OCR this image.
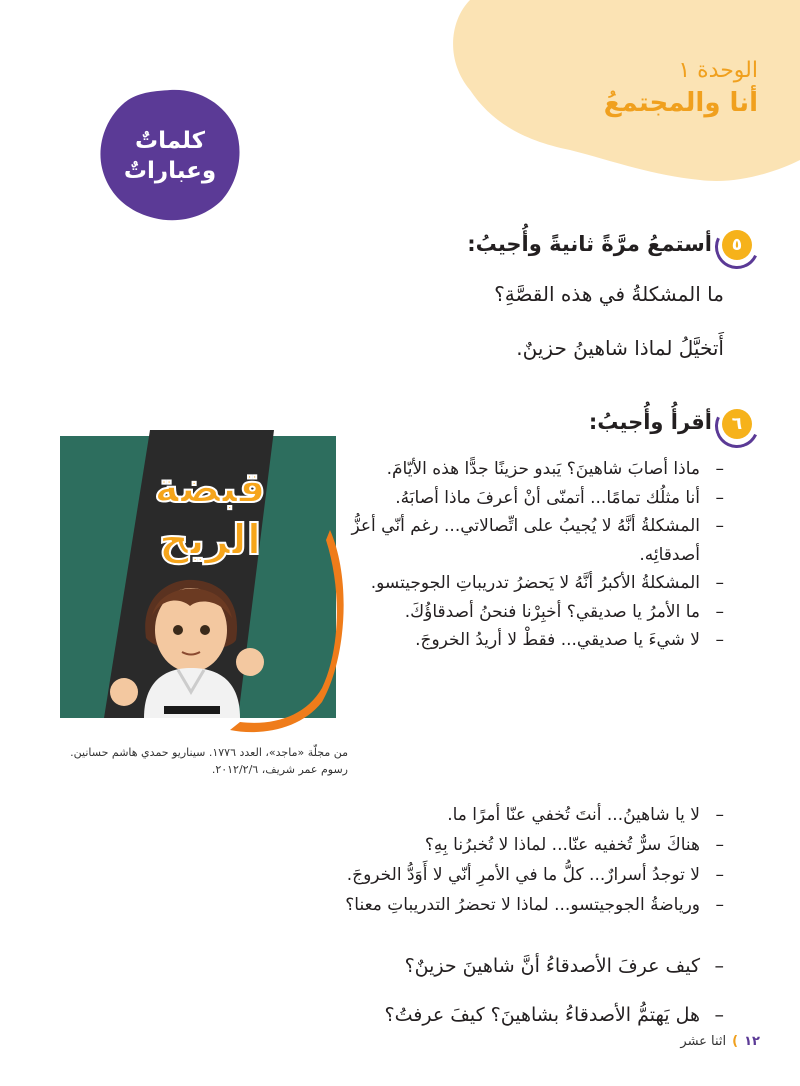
الوحدة ١
أنا والمجتمعُ
كلماتٌ
وعباراتٌ
٥
أستمعُ مرَّةً ثانيةً وأُجيبُ:
ما المشكلةُ في هذه القصَّةِ؟
أَتخيَّلُ لماذا شاهينُ حزينٌ.
٦
أقرأُ وأُجيبُ:
– ماذا أصابَ شاهينَ؟ يَبدو حزينًا جدًّا هذه الأيّامَ.
– أنا مثلُك تمامًا... أتمنّى أنْ أعرفَ ماذا أصابَهُ.
– المشكلةُ أنَّهُ لا يُجيبُ على اتِّصالاتي... رغم أنّي أعزُّ أصدقائِه.
– المشكلةُ الأكبرُ أنَّهُ لا يَحضرُ تدريباتِ الجوجيتسو.
– ما الأمرُ يا صديقي؟ أخبِرْنا فنحنُ أصدقاؤُكَ.
– لا شيءَ يا صديقي... فقطْ لا أريدُ الخروجَ.
– لا يا شاهينُ... أنتَ تُخفي عنّا أمرًا ما.
– هناكَ سرٌّ تُخفيه عنّا... لماذا لا تُخبرُنا بِهِ؟
– لا توجدُ أسرارٌ... كلُّ ما في الأمرِ أنّي لا أَوَدُّ الخروجَ.
– ورياضةُ الجوجيتسو... لماذا لا تحضرُ التدريباتِ معنا؟
– كيف عرفَ الأصدقاءُ أنَّ شاهينَ حزينٌ؟
– هل يَهتمُّ الأصدقاءُ بشاهينَ؟ كيفَ عرفتُ؟
قبضة
الريح
من مجلّة «ماجد»، العدد ١٧٧٦. سيناريو حمدي هاشم حسانين. رسوم عمر شريف، ٢٠١٢/٢/٦.
١٢
)
اثنا عشر
